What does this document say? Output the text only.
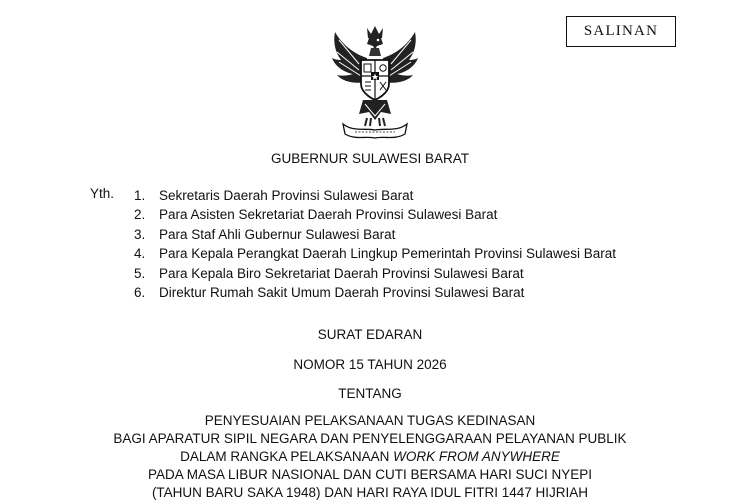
SALINAN
GUBERNUR SULAWESI BARAT
Yth. 1. Sekretaris Daerah Provinsi Sulawesi Barat
2. Para Asisten Sekretariat Daerah Provinsi Sulawesi Barat
3. Para Staf Ahli Gubernur Sulawesi Barat
4. Para Kepala Perangkat Daerah Lingkup Pemerintah Provinsi Sulawesi Barat
5. Para Kepala Biro Sekretariat Daerah Provinsi Sulawesi Barat
6. Direktur Rumah Sakit Umum Daerah Provinsi Sulawesi Barat
SURAT EDARAN
NOMOR 15 TAHUN 2026
TENTANG
PENYESUAIAN PELAKSANAAN TUGAS KEDINASAN
BAGI APARATUR SIPIL NEGARA DAN PENYELENGGARAAN PELAYANAN PUBLIK
DALAM RANGKA PELAKSANAAN WORK FROM ANYWHERE
PADA MASA LIBUR NASIONAL DAN CUTI BERSAMA HARI SUCI NYEPI
(TAHUN BARU SAKA 1948) DAN HARI RAYA IDUL FITRI 1447 HIJRIAH
